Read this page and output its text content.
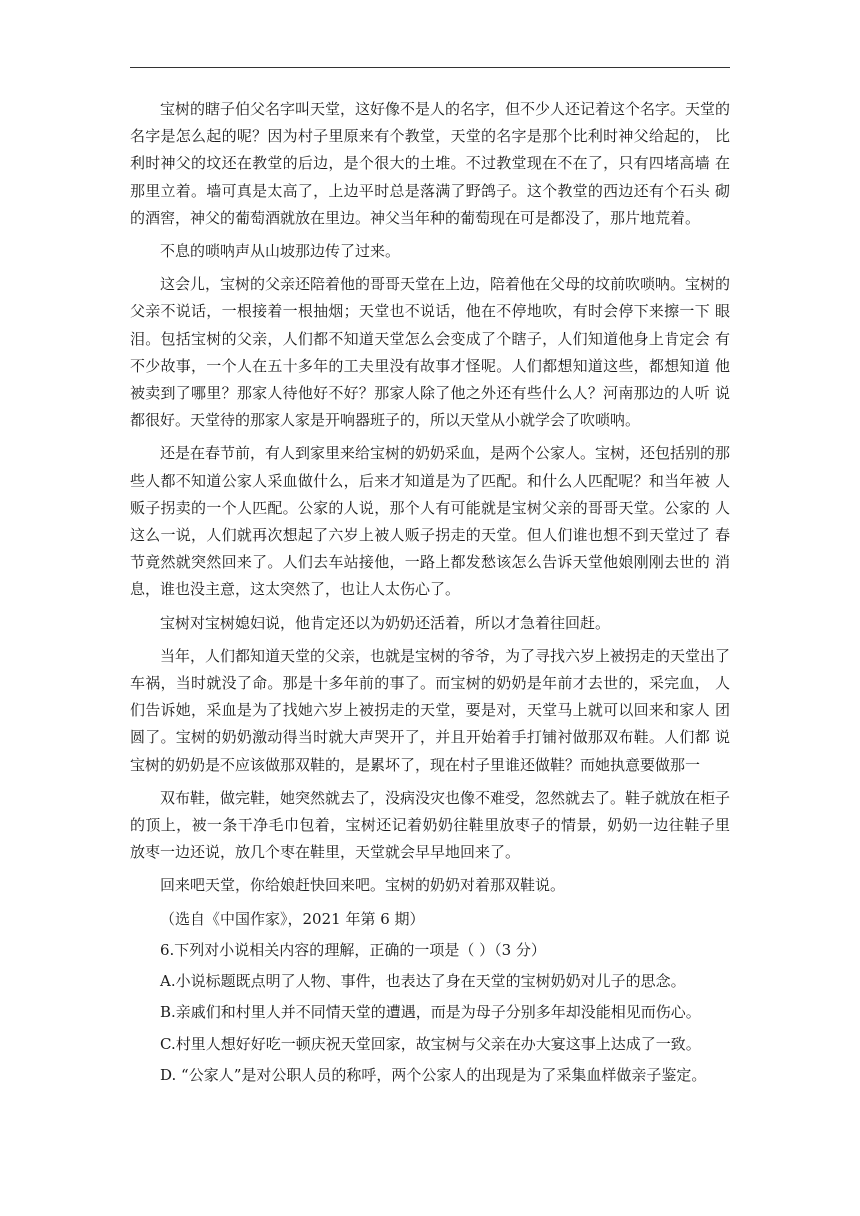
宝树的瞎子伯父名字叫天堂，这好像不是人的名字，但不少人还记着这个名字。天堂的名字是怎么起的呢？因为村子里原来有个教堂，天堂的名字是那个比利时神父给起的， 比利时神父的坟还在教堂的后边，是个很大的土堆。不过教堂现在不在了，只有四堵高墙 在那里立着。墙可真是太高了，上边平时总是落满了野鸽子。这个教堂的西边还有个石头 砌的酒窖，神父的葡萄酒就放在里边。神父当年种的葡萄现在可是都没了，那片地荒着。

不息的唢呐声从山坡那边传了过来。

这会儿，宝树的父亲还陪着他的哥哥天堂在上边，陪着他在父母的坟前吹唢呐。宝树的父亲不说话，一根接着一根抽烟；天堂也不说话，他在不停地吹，有时会停下来擦一下 眼泪。包括宝树的父亲，人们都不知道天堂怎么会变成了个瞎子，人们知道他身上肯定会 有不少故事，一个人在五十多年的工夫里没有故事才怪呢。人们都想知道这些，都想知道 他被卖到了哪里？那家人待他好不好？那家人除了他之外还有些什么人？河南那边的人听 说都很好。天堂待的那家人家是开响器班子的，所以天堂从小就学会了吹唢呐。

还是在春节前，有人到家里来给宝树的奶奶采血，是两个公家人。宝树，还包括别的那些人都不知道公家人采血做什么，后来才知道是为了匹配。和什么人匹配呢？和当年被 人贩子拐卖的一个人匹配。公家的人说，那个人有可能就是宝树父亲的哥哥天堂。公家的 人这么一说，人们就再次想起了六岁上被人贩子拐走的天堂。但人们谁也想不到天堂过了 春节竟然就突然回来了。人们去车站接他，一路上都发愁该怎么告诉天堂他娘刚刚去世的 消息，谁也没主意，这太突然了，也让人太伤心了。

宝树对宝树媳妇说，他肯定还以为奶奶还活着，所以才急着往回赶。

当年，人们都知道天堂的父亲，也就是宝树的爷爷，为了寻找六岁上被拐走的天堂出了车祸，当时就没了命。那是十多年前的事了。而宝树的奶奶是年前才去世的，采完血， 人们告诉她，采血是为了找她六岁上被拐走的天堂，要是对，天堂马上就可以回来和家人 团圆了。宝树的奶奶激动得当时就大声哭开了，并且开始着手打铺衬做那双布鞋。人们都 说宝树的奶奶是不应该做那双鞋的，是累坏了，现在村子里谁还做鞋？而她执意要做那一

双布鞋，做完鞋，她突然就去了，没病没灾也像不难受，忽然就去了。鞋子就放在柜子 的顶上，被一条干净毛巾包着，宝树还记着奶奶往鞋里放枣子的情景，奶奶一边往鞋子里 放枣一边还说，放几个枣在鞋里，天堂就会早早地回来了。

回来吧天堂，你给娘赶快回来吧。宝树的奶奶对着那双鞋说。

（选自《中国作家》，2021 年第 6 期）

6.下列对小说相关内容的理解，正确的一项是（ ）（3 分）

A.小说标题既点明了人物、事件，也表达了身在天堂的宝树奶奶对儿子的思念。

B.亲戚们和村里人并不同情天堂的遭遇，而是为母子分别多年却没能相见而伤心。

C.村里人想好好吃一顿庆祝天堂回家，故宝树与父亲在办大宴这事上达成了一致。

D. “公家人”是对公职人员的称呼，两个公家人的出现是为了采集血样做亲子鉴定。
